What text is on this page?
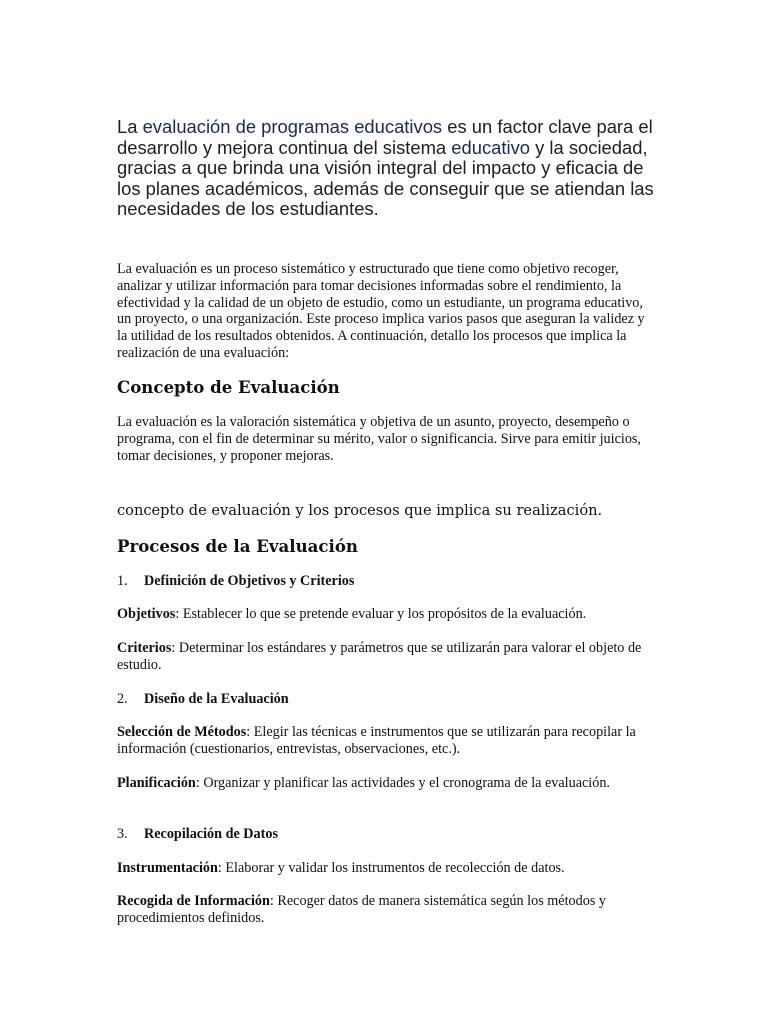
La evaluación de programas educativos es un factor clave para el desarrollo y mejora continua del sistema educativo y la sociedad, gracias a que brinda una visión integral del impacto y eficacia de los planes académicos, además de conseguir que se atiendan las necesidades de los estudiantes.

La evaluación es un proceso sistemático y estructurado que tiene como objetivo recoger, analizar y utilizar información para tomar decisiones informadas sobre el rendimiento, la efectividad y la calidad de un objeto de estudio, como un estudiante, un programa educativo, un proyecto, o una organización. Este proceso implica varios pasos que aseguran la validez y la utilidad de los resultados obtenidos. A continuación, detallo los procesos que implica la realización de una evaluación:

Concepto de Evaluación

La evaluación es la valoración sistemática y objetiva de un asunto, proyecto, desempeño o programa, con el fin de determinar su mérito, valor o significancia. Sirve para emitir juicios, tomar decisiones, y proponer mejoras.

concepto de evaluación y los procesos que implica su realización.

Procesos de la Evaluación

1. Definición de Objetivos y Criterios

Objetivos: Establecer lo que se pretende evaluar y los propósitos de la evaluación.

Criterios: Determinar los estándares y parámetros que se utilizarán para valorar el objeto de estudio.

2. Diseño de la Evaluación

Selección de Métodos: Elegir las técnicas e instrumentos que se utilizarán para recopilar la información (cuestionarios, entrevistas, observaciones, etc.).

Planificación: Organizar y planificar las actividades y el cronograma de la evaluación.

3. Recopilación de Datos

Instrumentación: Elaborar y validar los instrumentos de recolección de datos.

Recogida de Información: Recoger datos de manera sistemática según los métodos y procedimientos definidos.
